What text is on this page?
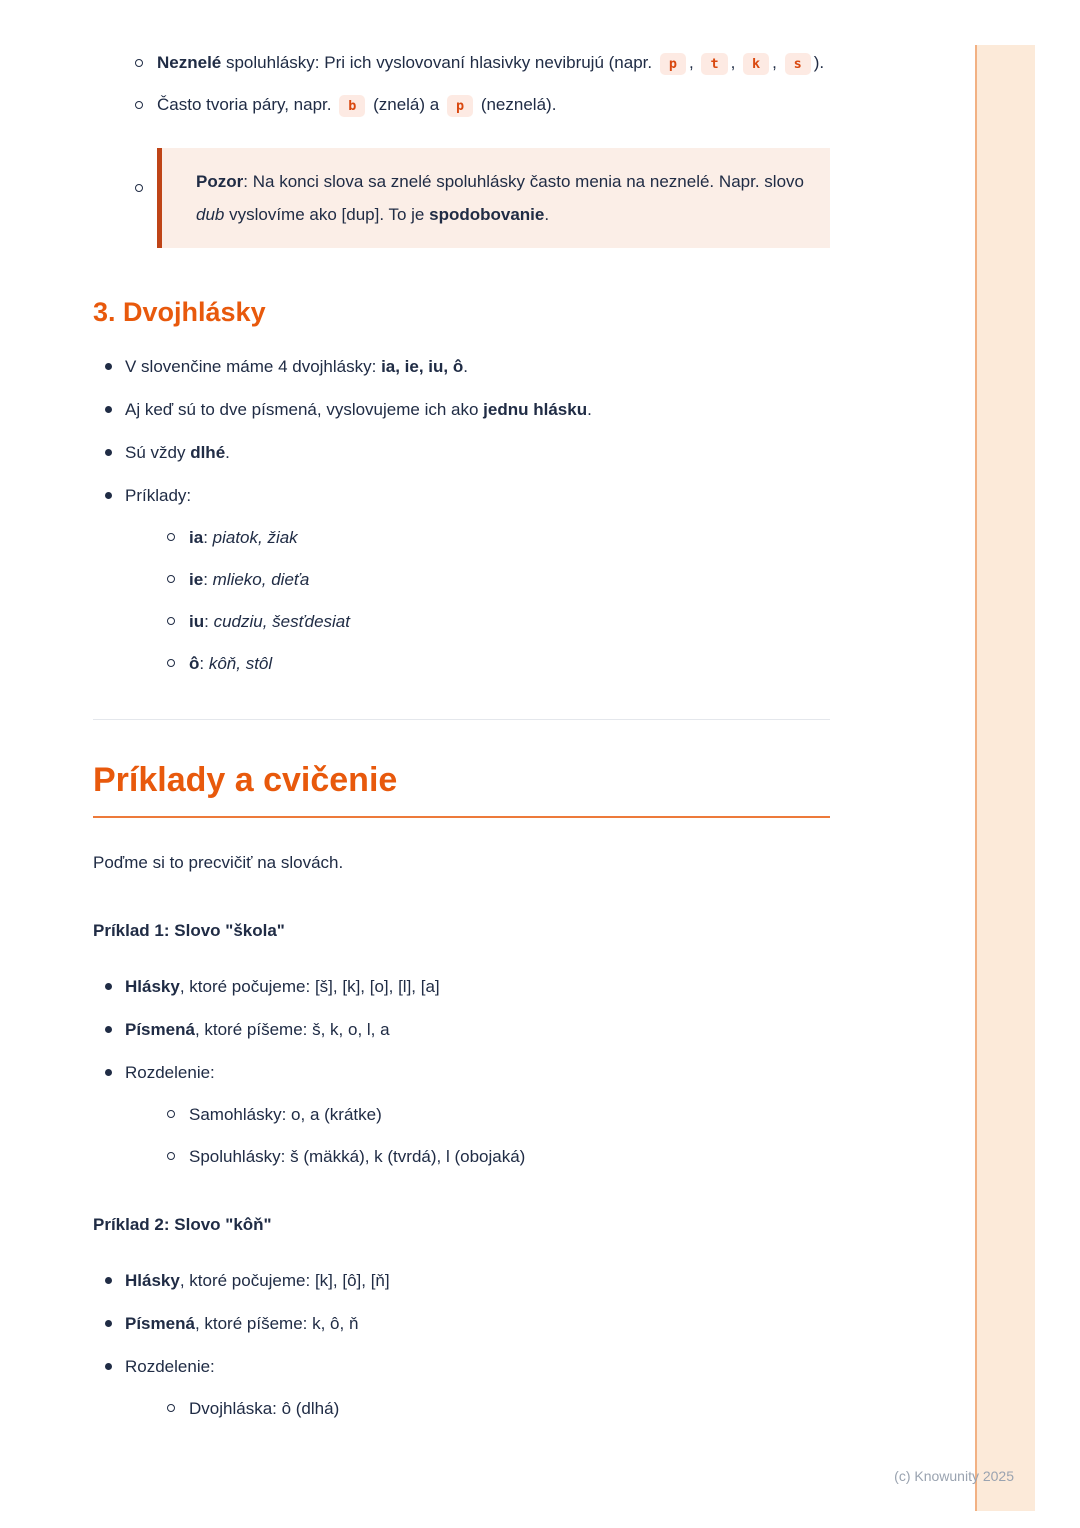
Neznelé spoluhlásky: Pri ich vyslovovaní hlasivky nevibrujú (napr. p , t , k , s ).
Často tvoria páry, napr. b (znelá) a p (neznelá).

Pozor: Na konci slova sa znelé spoluhlásky často menia na neznelé. Napr. slovo dub vyslovíme ako [dup]. To je spodobovanie.

3. Dvojhlásky
V slovenčine máme 4 dvojhlásky: ia, ie, iu, ô.
Aj keď sú to dve písmená, vyslovujeme ich ako jednu hlásku.
Sú vždy dlhé.
Príklady:
ia: piatok, žiak
ie: mlieko, dieťa
iu: cudziu, šesťdesiat
ô: kôň, stôl
Príklady a cvičenie

Poďme si to precvičiť na slovách.

Príklad 1: Slovo "škola"

Hlásky, ktoré počujeme: [š], [k], [o], [l], [a]
Písmená, ktoré píšeme: š, k, o, l, a
Rozdelenie:
Samohlásky: o, a (krátke)
Spoluhlásky: š (mäkká), k (tvrdá), l (obojaká)

Príklad 2: Slovo "kôň"

Hlásky, ktoré počujeme: [k], [ô], [ň]
Písmená, ktoré píšeme: k, ô, ň
Rozdelenie:
Dvojhláska: ô (dlhá)
(c) Knowunity 2025
